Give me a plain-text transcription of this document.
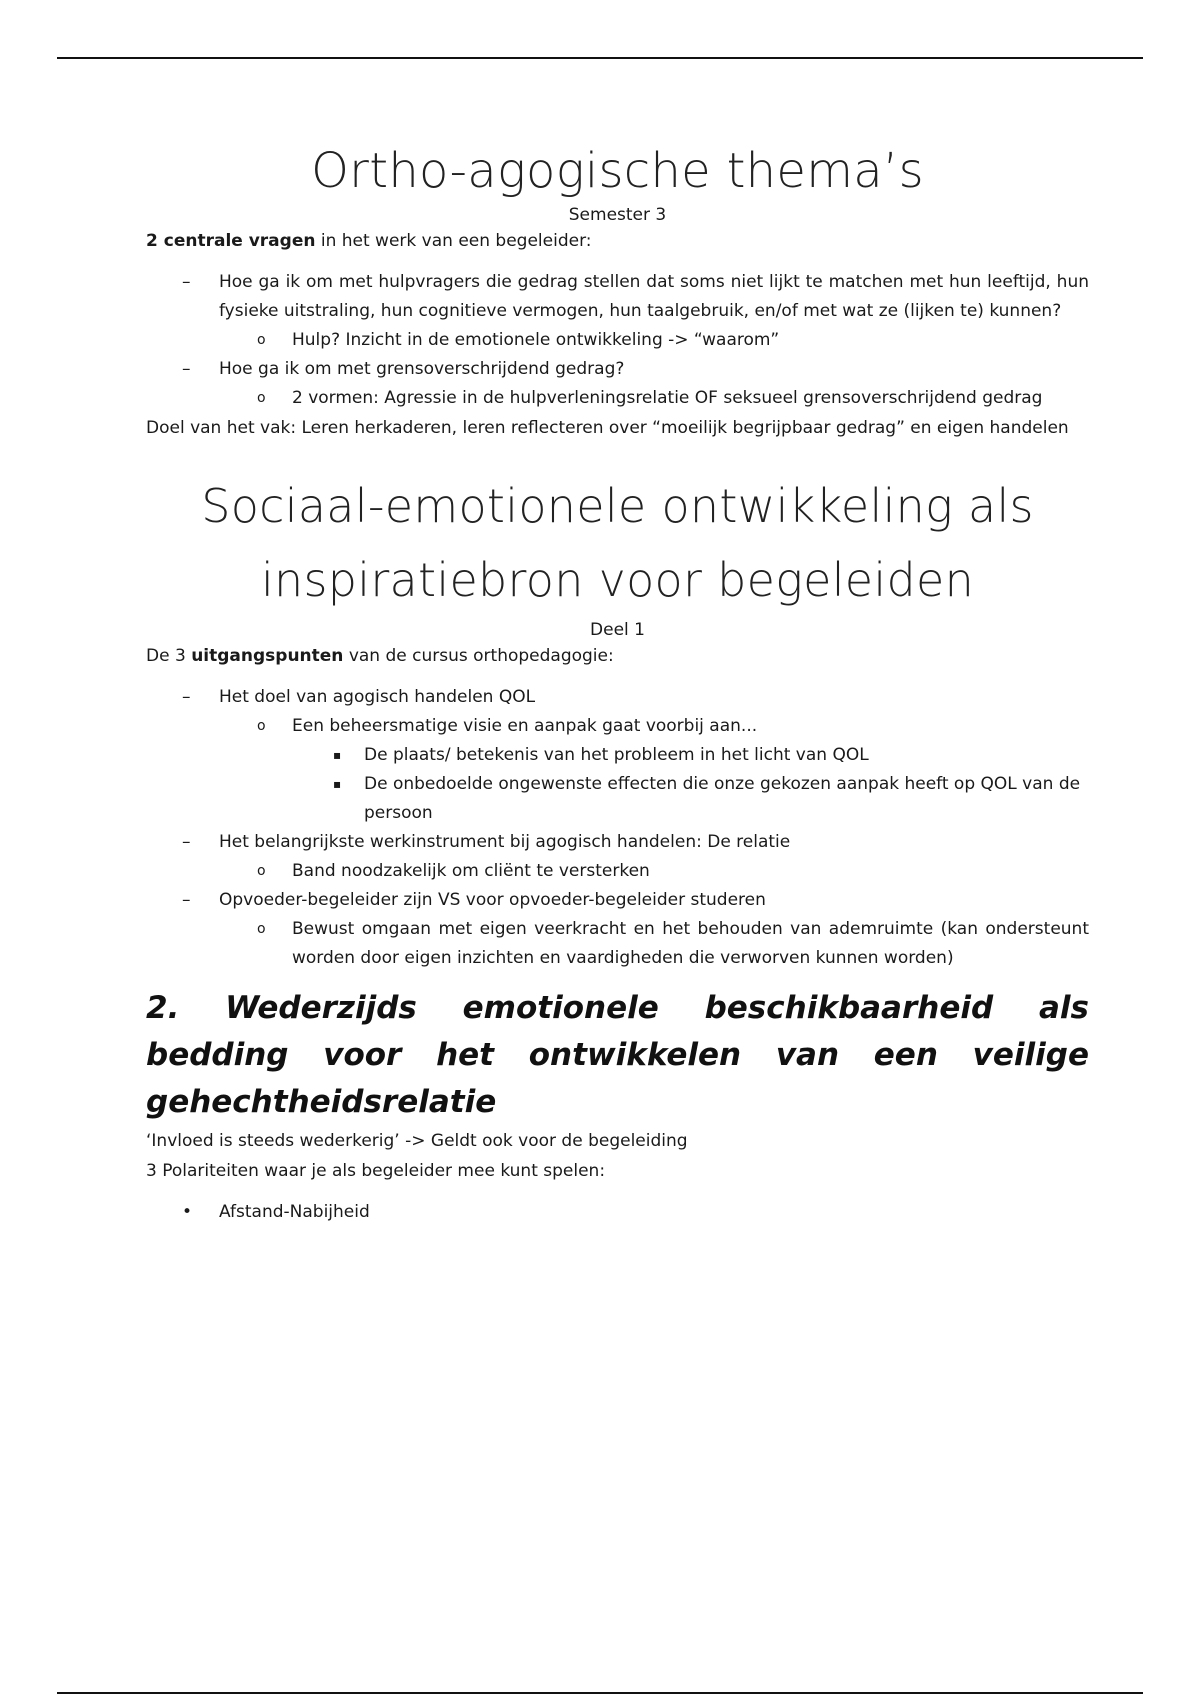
Ortho-agogische thema’s
Semester 3

2 centrale vragen in het werk van een begeleider:

– Hoe ga ik om met hulpvragers die gedrag stellen dat soms niet lijkt te matchen met hun leeftijd, hun fysieke uitstraling, hun cognitieve vermogen, hun taalgebruik, en/of met wat ze (lijken te) kunnen?
o Hulp? Inzicht in de emotionele ontwikkeling -> “waarom”
– Hoe ga ik om met grensoverschrijdend gedrag?
o 2 vormen: Agressie in de hulpverleningsrelatie OF seksueel grensoverschrijdend gedrag

Doel van het vak: Leren herkaderen, leren reflecteren over “moeilijk begrijpbaar gedrag” en eigen handelen

Sociaal-emotionele ontwikkeling als
inspiratiebron voor begeleiden
Deel 1

De 3 uitgangspunten van de cursus orthopedagogie:

– Het doel van agogisch handelen QOL
o Een beheersmatige visie en aanpak gaat voorbij aan...
▪ De plaats/ betekenis van het probleem in het licht van QOL
▪ De onbedoelde ongewenste effecten die onze gekozen aanpak heeft op QOL van de persoon
– Het belangrijkste werkinstrument bij agogisch handelen: De relatie
o Band noodzakelijk om cliënt te versterken
– Opvoeder-begeleider zijn VS voor opvoeder-begeleider studeren
o Bewust omgaan met eigen veerkracht en het behouden van ademruimte (kan ondersteunt worden door eigen inzichten en vaardigheden die verworven kunnen worden)
2. Wederzijds emotionele beschikbaarheid als bedding voor het ontwikkelen van een veilige gehechtheidsrelatie

‘Invloed is steeds wederkerig’ -> Geldt ook voor de begeleiding

3 Polariteiten waar je als begeleider mee kunt spelen:

• Afstand-Nabijheid
